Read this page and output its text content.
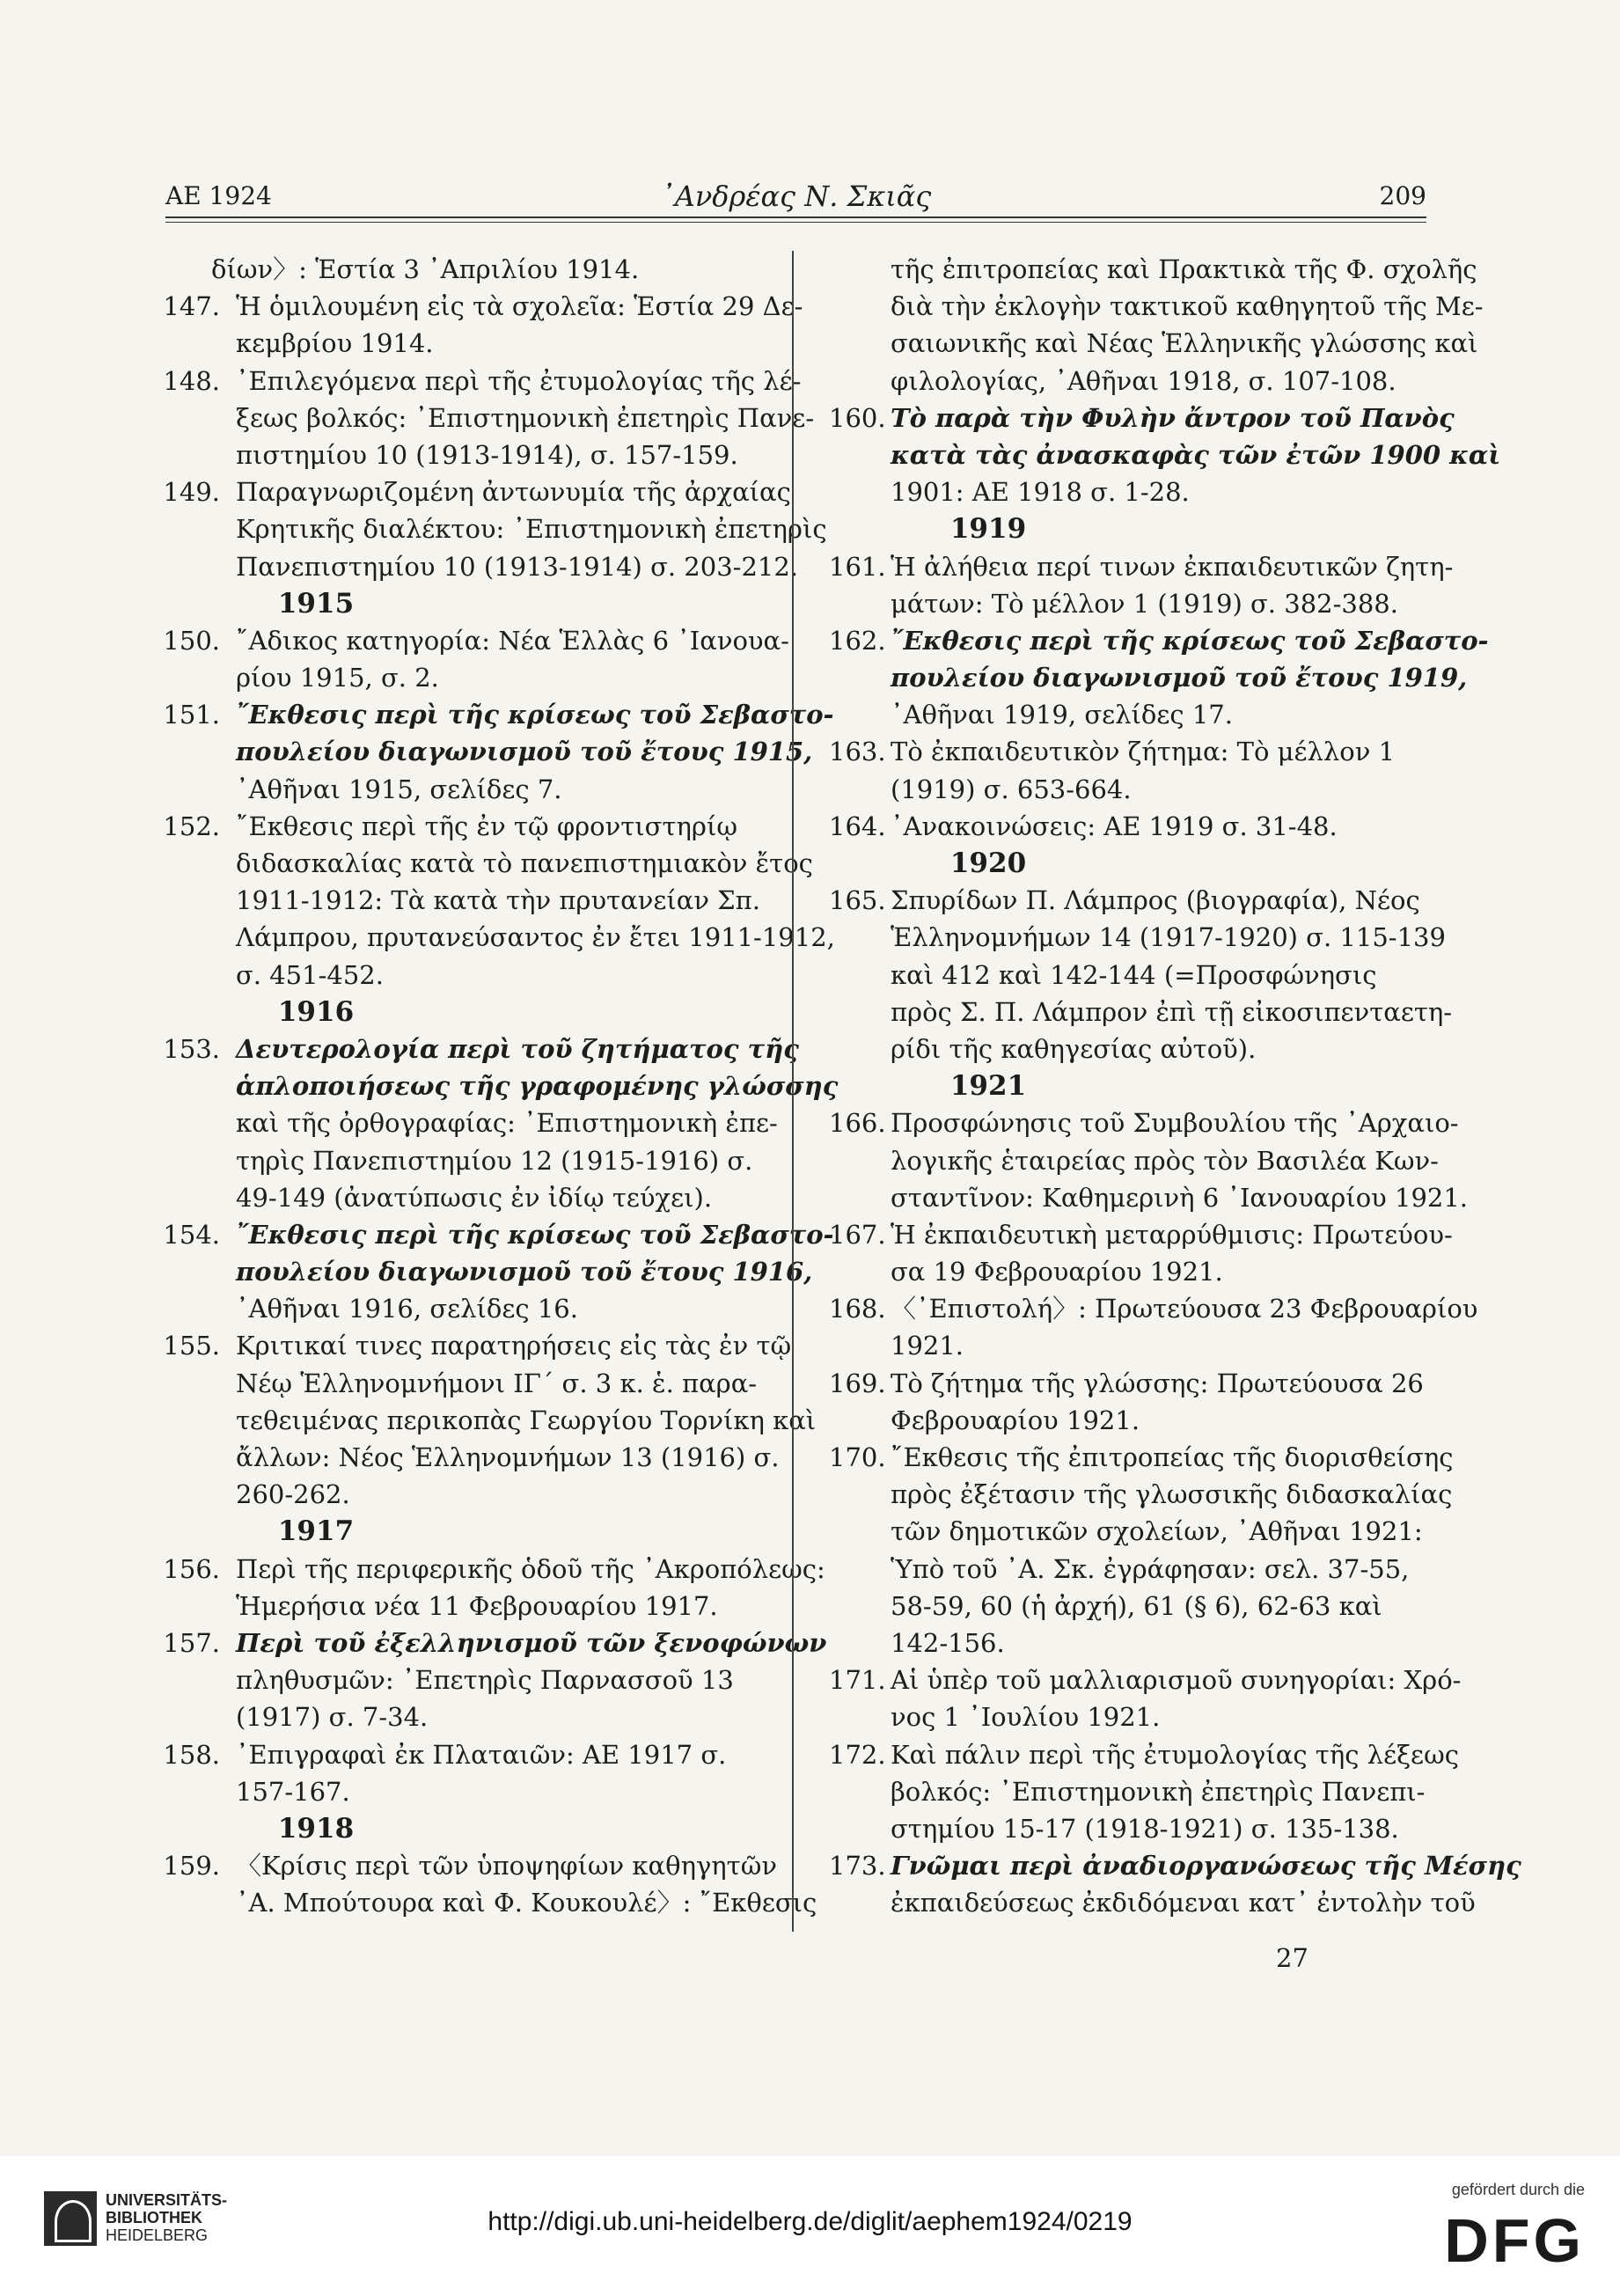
ΑΕ 1924	᾿Ανδρέας Ν. Σκιᾶς	209
δίων〉: Ἑστία 3 ᾿Απριλίου 1914.
147. Ἡ ὁμιλουμένη εἰς τὰ σχολεῖα: Ἑστία 29 Δε-
κεμβρίου 1914.
148. ᾿Επιλεγόμενα περὶ τῆς ἐτυμολογίας τῆς λέ-
ξεως βολκός: ᾿Επιστημονικὴ ἐπετηρὶς Πανε-
πιστημίου 10 (1913-1914), σ. 157-159.
149. Παραγνωριζομένη ἀντωνυμία τῆς ἀρχαίας
Κρητικῆς διαλέκτου: ᾿Επιστημονικὴ ἐπετηρὶς
Πανεπιστημίου 10 (1913-1914) σ. 203-212.
1915
150. ῎Αδικος κατηγορία: Νέα Ἑλλὰς 6 ᾿Ιανουα-
ρίου 1915, σ. 2.
151. ῎Εκθεσις περὶ τῆς κρίσεως τοῦ Σεβαστο-
πουλείου διαγωνισμοῦ τοῦ ἔτους 1915,
᾿Αθῆναι 1915, σελίδες 7.
152. ῎Εκθεσις περὶ τῆς ἐν τῷ φροντιστηρίῳ
διδασκαλίας κατὰ τὸ πανεπιστημιακὸν ἔτος
1911-1912: Τὰ κατὰ τὴν πρυτανείαν Σπ.
Λάμπρου, πρυτανεύσαντος ἐν ἔτει 1911-1912,
σ. 451-452.
1916
153. Δευτερολογία περὶ τοῦ ζητήματος τῆς
ἁπλοποιήσεως τῆς γραφομένης γλώσσης
καὶ τῆς ὀρθογραφίας: ᾿Επιστημονικὴ ἐπε-
τηρὶς Πανεπιστημίου 12 (1915-1916) σ.
49-149 (ἀνατύπωσις ἐν ἰδίῳ τεύχει).
154. ῎Εκθεσις περὶ τῆς κρίσεως τοῦ Σεβαστο-
πουλείου διαγωνισμοῦ τοῦ ἔτους 1916,
᾿Αθῆναι 1916, σελίδες 16.
155. Κριτικαί τινες παρατηρήσεις εἰς τὰς ἐν τῷ
Νέῳ Ἑλληνομνήμονι ΙΓ΄ σ. 3 κ. ἑ. παρα-
τεθειμένας περικοπὰς Γεωργίου Τορνίκη καὶ
ἄλλων: Νέος Ἑλληνομνήμων 13 (1916) σ.
260-262.
1917
156. Περὶ τῆς περιφερικῆς ὁδοῦ τῆς ᾿Ακροπόλεως:
Ἡμερήσια νέα 11 Φεβρουαρίου 1917.
157. Περὶ τοῦ ἐξελληνισμοῦ τῶν ξενοφώνων
πληθυσμῶν: ᾿Επετηρὶς Παρνασσοῦ 13
(1917) σ. 7-34.
158. ᾿Επιγραφαὶ ἐκ Πλαταιῶν: ΑΕ 1917 σ.
157-167.
1918
159. 〈Κρίσις περὶ τῶν ὑποψηφίων καθηγητῶν
᾿Α. Μπούτουρα καὶ Φ. Κουκουλέ〉: ῎Εκθεσις
τῆς ἐπιτροπείας καὶ Πρακτικὰ τῆς Φ. σχολῆς
διὰ τὴν ἐκλογὴν τακτικοῦ καθηγητοῦ τῆς Με-
σαιωνικῆς καὶ Νέας Ἑλληνικῆς γλώσσης καὶ
φιλολογίας, ᾿Αθῆναι 1918, σ. 107-108.
160. Τὸ παρὰ τὴν Φυλὴν ἄντρον τοῦ Πανὸς
κατὰ τὰς ἀνασκαφὰς τῶν ἐτῶν 1900 καὶ
1901: ΑΕ 1918 σ. 1-28.
1919
161. Ἡ ἀλήθεια περί τινων ἐκπαιδευτικῶν ζητη-
μάτων: Τὸ μέλλον 1 (1919) σ. 382-388.
162. ῎Εκθεσις περὶ τῆς κρίσεως τοῦ Σεβαστο-
πουλείου διαγωνισμοῦ τοῦ ἔτους 1919,
᾿Αθῆναι 1919, σελίδες 17.
163. Τὸ ἐκπαιδευτικὸν ζήτημα: Τὸ μέλλον 1
(1919) σ. 653-664.
164. ᾿Ανακοινώσεις: ΑΕ 1919 σ. 31-48.
1920
165. Σπυρίδων Π. Λάμπρος (βιογραφία), Νέος
Ἑλληνομνήμων 14 (1917-1920) σ. 115-139
καὶ 412 καὶ 142-144 (=Προσφώνησις
πρὸς Σ. Π. Λάμπρον ἐπὶ τῇ εἰκοσιπενταετη-
ρίδι τῆς καθηγεσίας αὐτοῦ).
1921
166. Προσφώνησις τοῦ Συμβουλίου τῆς ᾿Αρχαιο-
λογικῆς ἑταιρείας πρὸς τὸν Βασιλέα Κων-
σταντῖνον: Καθημερινὴ 6 ᾿Ιανουαρίου 1921.
167. Ἡ ἐκπαιδευτικὴ μεταρρύθμισις: Πρωτεύου-
σα 19 Φεβρουαρίου 1921.
168. 〈᾿Επιστολή〉: Πρωτεύουσα 23 Φεβρουαρίου
1921.
169. Τὸ ζήτημα τῆς γλώσσης: Πρωτεύουσα 26
Φεβρουαρίου 1921.
170. ῎Εκθεσις τῆς ἐπιτροπείας τῆς διορισθείσης
πρὸς ἐξέτασιν τῆς γλωσσικῆς διδασκαλίας
τῶν δημοτικῶν σχολείων, ᾿Αθῆναι 1921:
Ὑπὸ τοῦ ᾿Α. Σκ. ἐγράφησαν: σελ. 37-55,
58-59, 60 (ἡ ἀρχή), 61 (§ 6), 62-63 καὶ
142-156.
171. Αἱ ὑπὲρ τοῦ μαλλιαρισμοῦ συνηγορίαι: Χρό-
νος 1 ᾿Ιουλίου 1921.
172. Καὶ πάλιν περὶ τῆς ἐτυμολογίας τῆς λέξεως
βολκός: ᾿Επιστημονικὴ ἐπετηρὶς Πανεπι-
στημίου 15-17 (1918-1921) σ. 135-138.
173. Γνῶμαι περὶ ἀναδιοργανώσεως τῆς Μέσης
ἐκπαιδεύσεως ἐκδιδόμεναι κατ᾿ ἐντολὴν τοῦ
27
UNIVERSITÄTS-
BIBLIOTHEK
HEIDELBERG	http://digi.ub.uni-heidelberg.de/diglit/aephem1924/0219
gefördert durch die
DFG
